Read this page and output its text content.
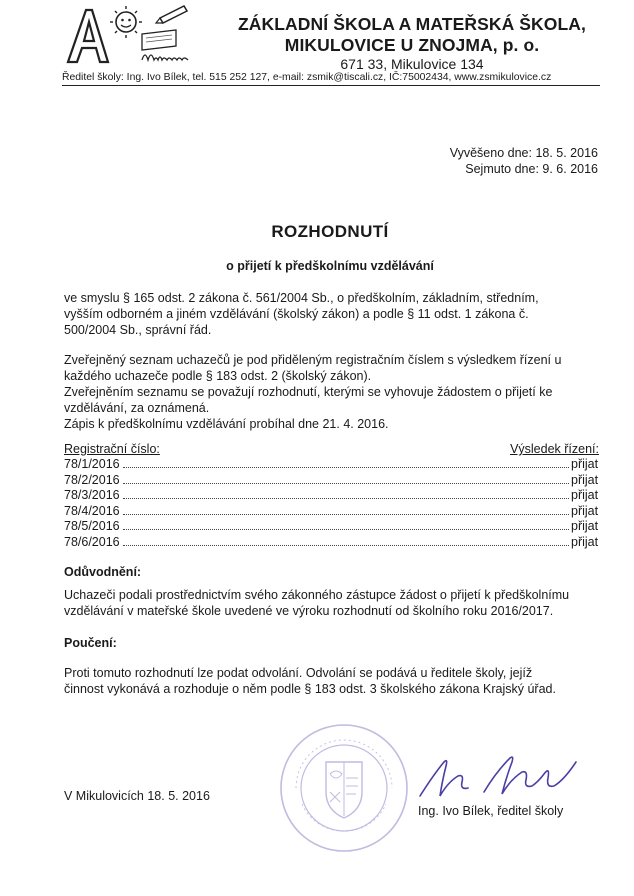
ZÁKLADNÍ ŠKOLA A MATEŘSKÁ ŠKOLA,
MIKULOVICE U ZNOJMA, p. o.
671 33, Mikulovice 134
Ředitel školy: Ing. Ivo Bílek, tel. 515 252 127, e-mail: zsmik@tiscali.cz, IČ:75002434, www.zsmikulovice.cz
Vyvěšeno dne: 18. 5. 2016
Sejmuto dne: 9. 6. 2016
ROZHODNUTÍ
o přijetí k předškolnímu vzdělávání
ve smyslu § 165 odst. 2 zákona č. 561/2004 Sb., o předškolním, základním, středním,
vyšším odborném a jiném vzdělávání (školský zákon) a podle § 11 odst. 1 zákona č.
500/2004 Sb., správní řád.
Zveřejněný seznam uchazečů je pod přiděleným registračním číslem s výsledkem řízení u
každého uchazeče podle § 183 odst. 2 (školský zákon).
Zveřejněním seznamu se považují rozhodnutí, kterými se vyhovuje žádostem o přijetí ke
vzdělávání, za oznámená.
Zápis k předškolnímu vzdělávání probíhal dne 21. 4. 2016.
Registrační číslo:	Výsledek řízení:
78/1/2016	přijat
78/2/2016	přijat
78/3/2016	přijat
78/4/2016	přijat
78/5/2016	přijat
78/6/2016	přijat
Odůvodnění:
Uchazeči podali prostřednictvím svého zákonného zástupce žádost o přijetí k předškolnímu
vzdělávání v mateřské škole uvedené ve výroku rozhodnutí od školního roku 2016/2017.
Poučení:
Proti tomuto rozhodnutí lze podat odvolání. Odvolání se podává u ředitele školy, jejíž
činnost vykonává a rozhoduje o něm podle § 183 odst. 3 školského zákona Krajský úřad.
V Mikulovicích 18. 5. 2016
Ing. Ivo Bílek, ředitel školy
